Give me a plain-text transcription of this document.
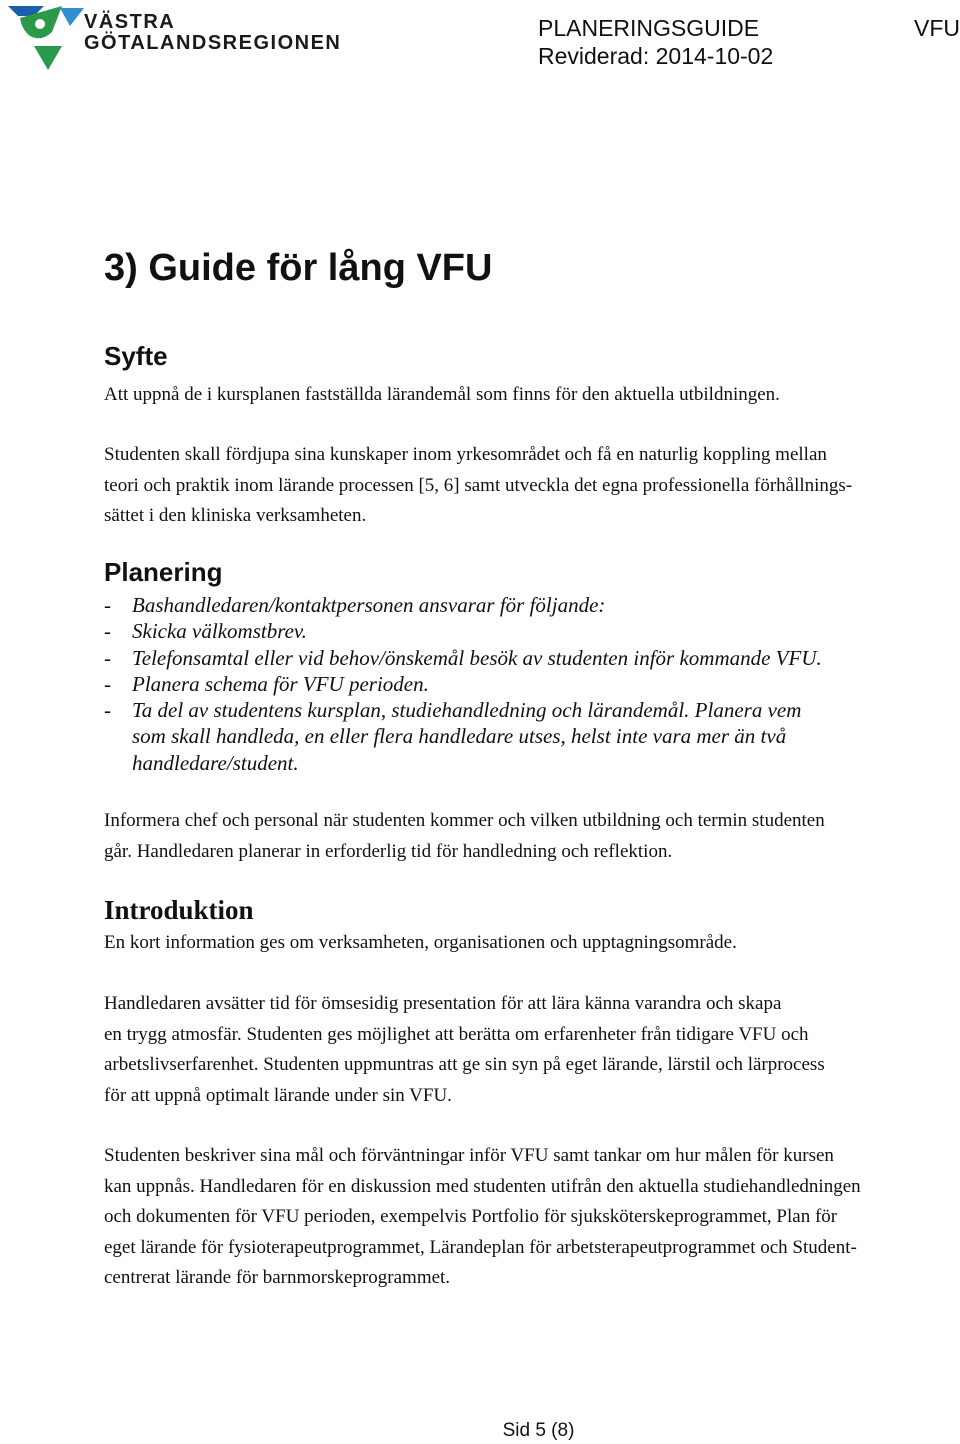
VÄSTRA
GÖTALANDSREGIONEN
PLANERINGSGUIDE
Reviderad: 2014-10-02
VFU
3) Guide för lång VFU
Syfte

Att uppnå de i kursplanen fastställda lärandemål som finns för den aktuella utbildningen.

Studenten skall fördjupa sina kunskaper inom yrkesområdet och få en naturlig koppling mellan
teori och praktik inom lärande processen [5, 6] samt utveckla det egna professionella förhållnings-
sättet i den kliniska verksamheten.

Planering
- Bashandledaren/kontaktpersonen ansvarar för följande:
- Skicka välkomstbrev.
- Telefonsamtal eller vid behov/önskemål besök av studenten inför kommande VFU.
- Planera schema för VFU perioden.
- Ta del av studentens kursplan, studiehandledning och lärandemål. Planera vem
som skall handleda, en eller flera handledare utses, helst inte vara mer än två
handledare/student.

Informera chef och personal när studenten kommer och vilken utbildning och termin studenten
går. Handledaren planerar in erforderlig tid för handledning och reflektion.

Introduktion

En kort information ges om verksamheten, organisationen och upptagningsområde.

Handledaren avsätter tid för ömsesidig presentation för att lära känna varandra och skapa
en trygg atmosfär. Studenten ges möjlighet att berätta om erfarenheter från tidigare VFU och
arbetslivserfarenhet. Studenten uppmuntras att ge sin syn på eget lärande, lärstil och lärprocess
för att uppnå optimalt lärande under sin VFU.

Studenten beskriver sina mål och förväntningar inför VFU samt tankar om hur målen för kursen
kan uppnås. Handledaren för en diskussion med studenten utifrån den aktuella studiehandledningen
och dokumenten för VFU perioden, exempelvis Portfolio för sjuksköterskeprogrammet, Plan för
eget lärande för fysioterapeutprogrammet, Lärandeplan för arbetsterapeutprogrammet och Student-
centrerat lärande för barnmorskeprogrammet.

Sid 5 (8)
